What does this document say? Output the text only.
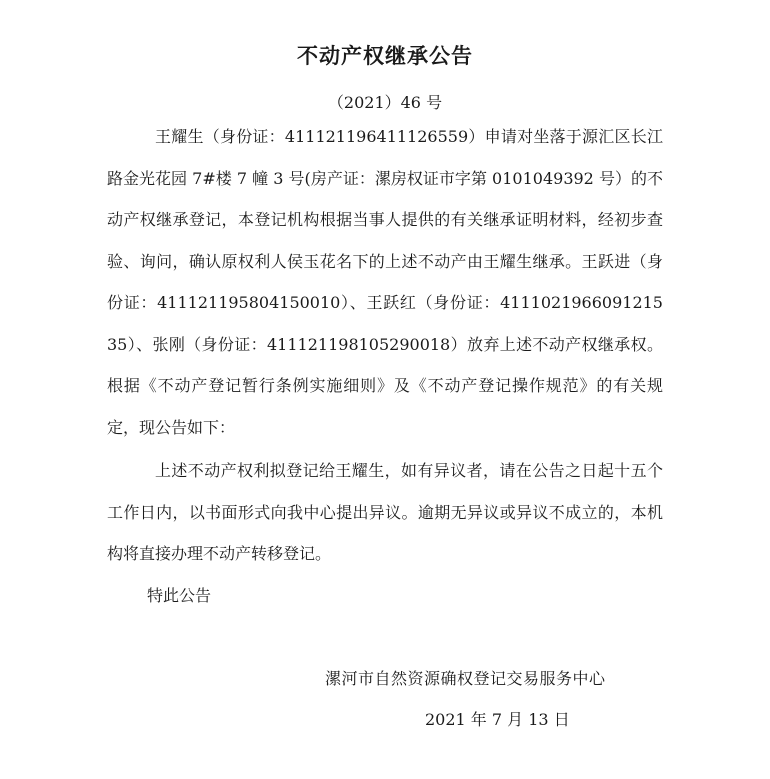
不动产权继承公告
（2021）46 号
王耀生（身份证：411121196411126559）申请对坐落于源汇区长江路金光花园 7#楼 7 幢 3 号(房产证：漯房权证市字第 0101049392 号）的不动产权继承登记，本登记机构根据当事人提供的有关继承证明材料，经初步查验、询问，确认原权利人侯玉花名下的上述不动产由王耀生继承。王跃进（身份证：411121195804150010）、王跃红（身份证：411102196609121535）、张刚（身份证：411121198105290018）放弃上述不动产权继承权。根据《不动产登记暂行条例实施细则》及《不动产登记操作规范》的有关规定，现公告如下：
上述不动产权利拟登记给王耀生，如有异议者，请在公告之日起十五个工作日内，以书面形式向我中心提出异议。逾期无异议或异议不成立的，本机构将直接办理不动产转移登记。
特此公告
漯河市自然资源确权登记交易服务中心
2021 年 7 月 13 日
